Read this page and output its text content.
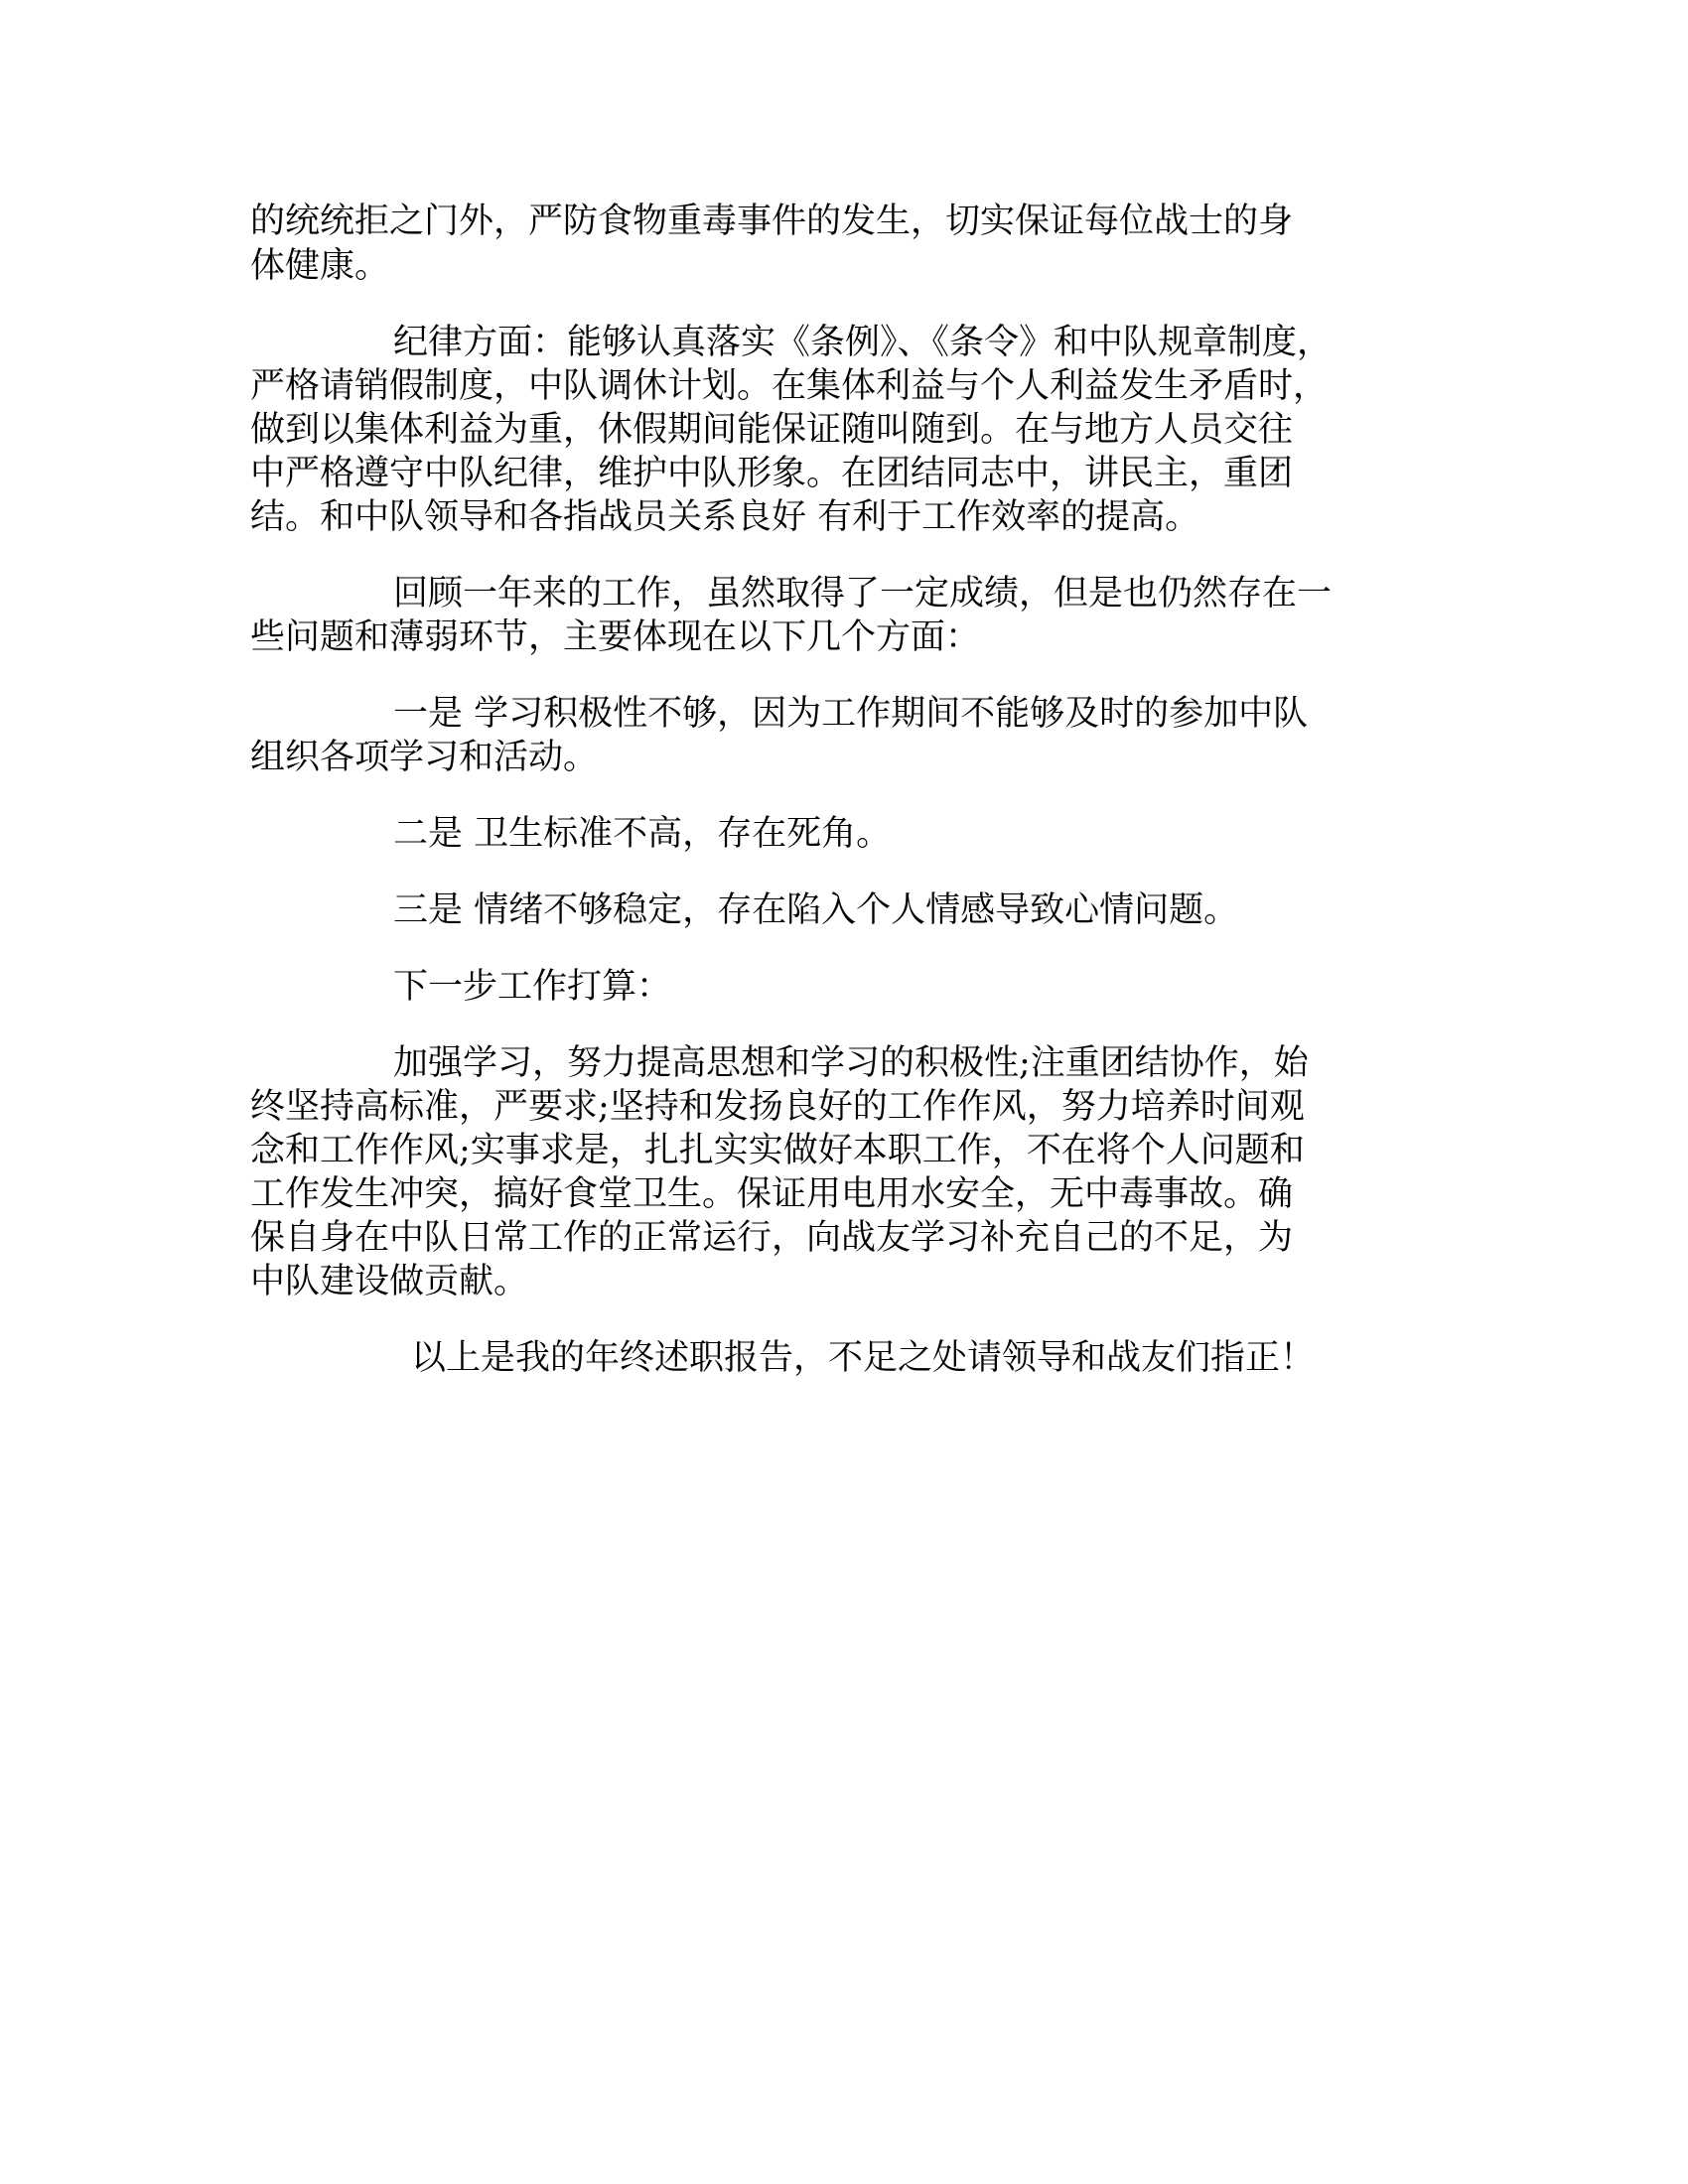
的统统拒之门外，严防食物重毒事件的发生，切实保证每位战士的身

体健康。

纪律方面：能够认真落实《条例》、《条令》和中队规章制度，

严格请销假制度，中队调休计划。在集体利益与个人利益发生矛盾时，

做到以集体利益为重，休假期间能保证随叫随到。在与地方人员交往

中严格遵守中队纪律，维护中队形象。在团结同志中，讲民主，重团

结。和中队领导和各指战员关系良好 有利于工作效率的提高。

回顾一年来的工作，虽然取得了一定成绩，但是也仍然存在一

些问题和薄弱环节，主要体现在以下几个方面：

一是 学习积极性不够，因为工作期间不能够及时的参加中队

组织各项学习和活动。

二是 卫生标准不高，存在死角。

三是 情绪不够稳定，存在陷入个人情感导致心情问题。

下一步工作打算：

加强学习，努力提高思想和学习的积极性;注重团结协作，始

终坚持高标准，严要求;坚持和发扬良好的工作作风，努力培养时间观

念和工作作风;实事求是，扎扎实实做好本职工作，不在将个人问题和

工作发生冲突，搞好食堂卫生。保证用电用水安全，无中毒事故。确

保自身在中队日常工作的正常运行，向战友学习补充自己的不足，为

中队建设做贡献。

以上是我的年终述职报告，不足之处请领导和战友们指正！
